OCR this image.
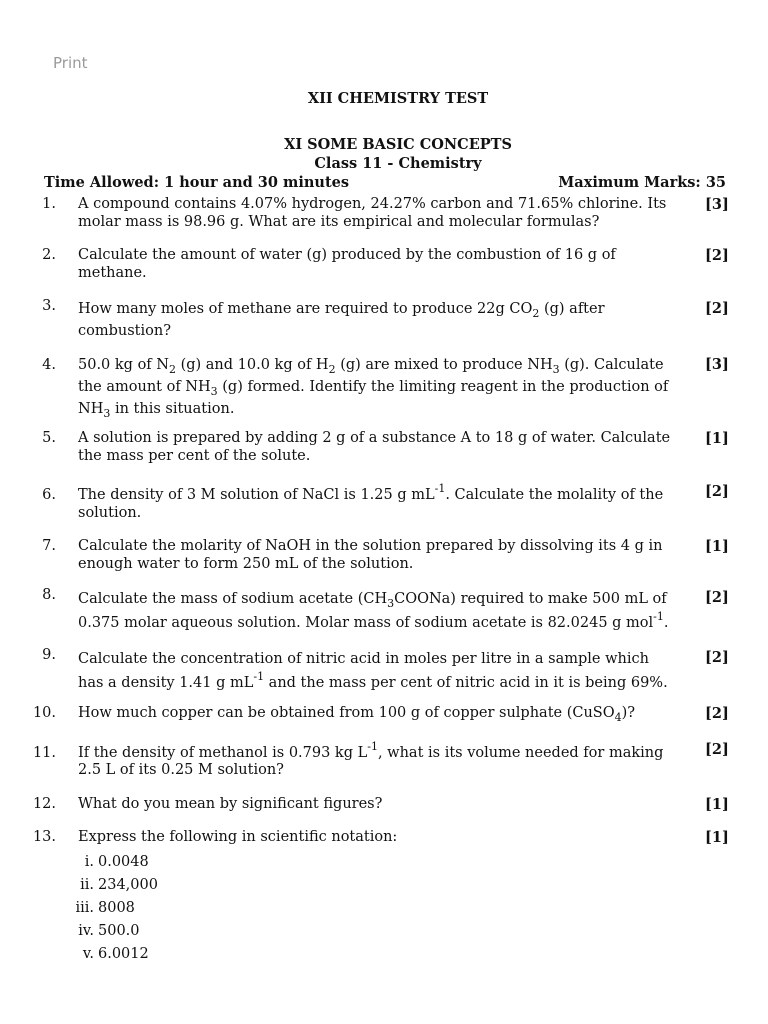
Print
XII CHEMISTRY TEST
XI SOME BASIC CONCEPTS
Class 11 - Chemistry
Time Allowed: 1 hour and 30 minutes	Maximum Marks: 35
1.	A compound contains 4.07% hydrogen, 24.27% carbon and 71.65% chlorine. Its molar mass is 98.96 g. What are its empirical and molecular formulas?
[3]
2.	Calculate the amount of water (g) produced by the combustion of 16 g of methane.
[2]
3.	How many moles of methane are required to produce 22g $CO_2$ (g) after combustion?
[2]
4.	50.0 kg of $N_2$ (g) and 10.0 kg of $H_2$ (g) are mixed to produce $NH_3$ (g). Calculate the amount of $NH_3$ (g) formed. Identify the limiting reagent in the production of $NH_3$ in this situation.
[3]
5.	A solution is prepared by adding 2 g of a substance A to 18 g of water. Calculate the mass per cent of the solute.
[1]
6.	The density of 3 M solution of NaCl is 1.25 g $mL^{-1}$. Calculate the molality of the solution.
[2]
7.	Calculate the molarity of NaOH in the solution prepared by dissolving its 4 g in enough water to form 250 mL of the solution.
[1]
8.	Calculate the mass of sodium acetate $(CH_3COONa)$ required to make 500 mL of 0.375 molar aqueous solution. Molar mass of sodium acetate is 82.0245 g mol$^{-1}$.
[2]
9.	Calculate the concentration of nitric acid in moles per litre in a sample which has a density 1.41 g $mL^{-1}$ and the mass per cent of nitric acid in it is being 69%.
[2]
10.	How much copper can be obtained from 100 g of copper sulphate (CuSO$_4$)?	[2]
11.	If the density of methanol is 0.793 kg $L^{-1}$, what is its volume needed for making 2.5 L of its 0.25 M solution?
[2]
12.	What do you mean by significant figures?	[1]
13.	Express the following in scientific notation:
i. 0.0048
ii. 234,000
iii. 8008
iv. 500.0
v. 6.0012
[1]
